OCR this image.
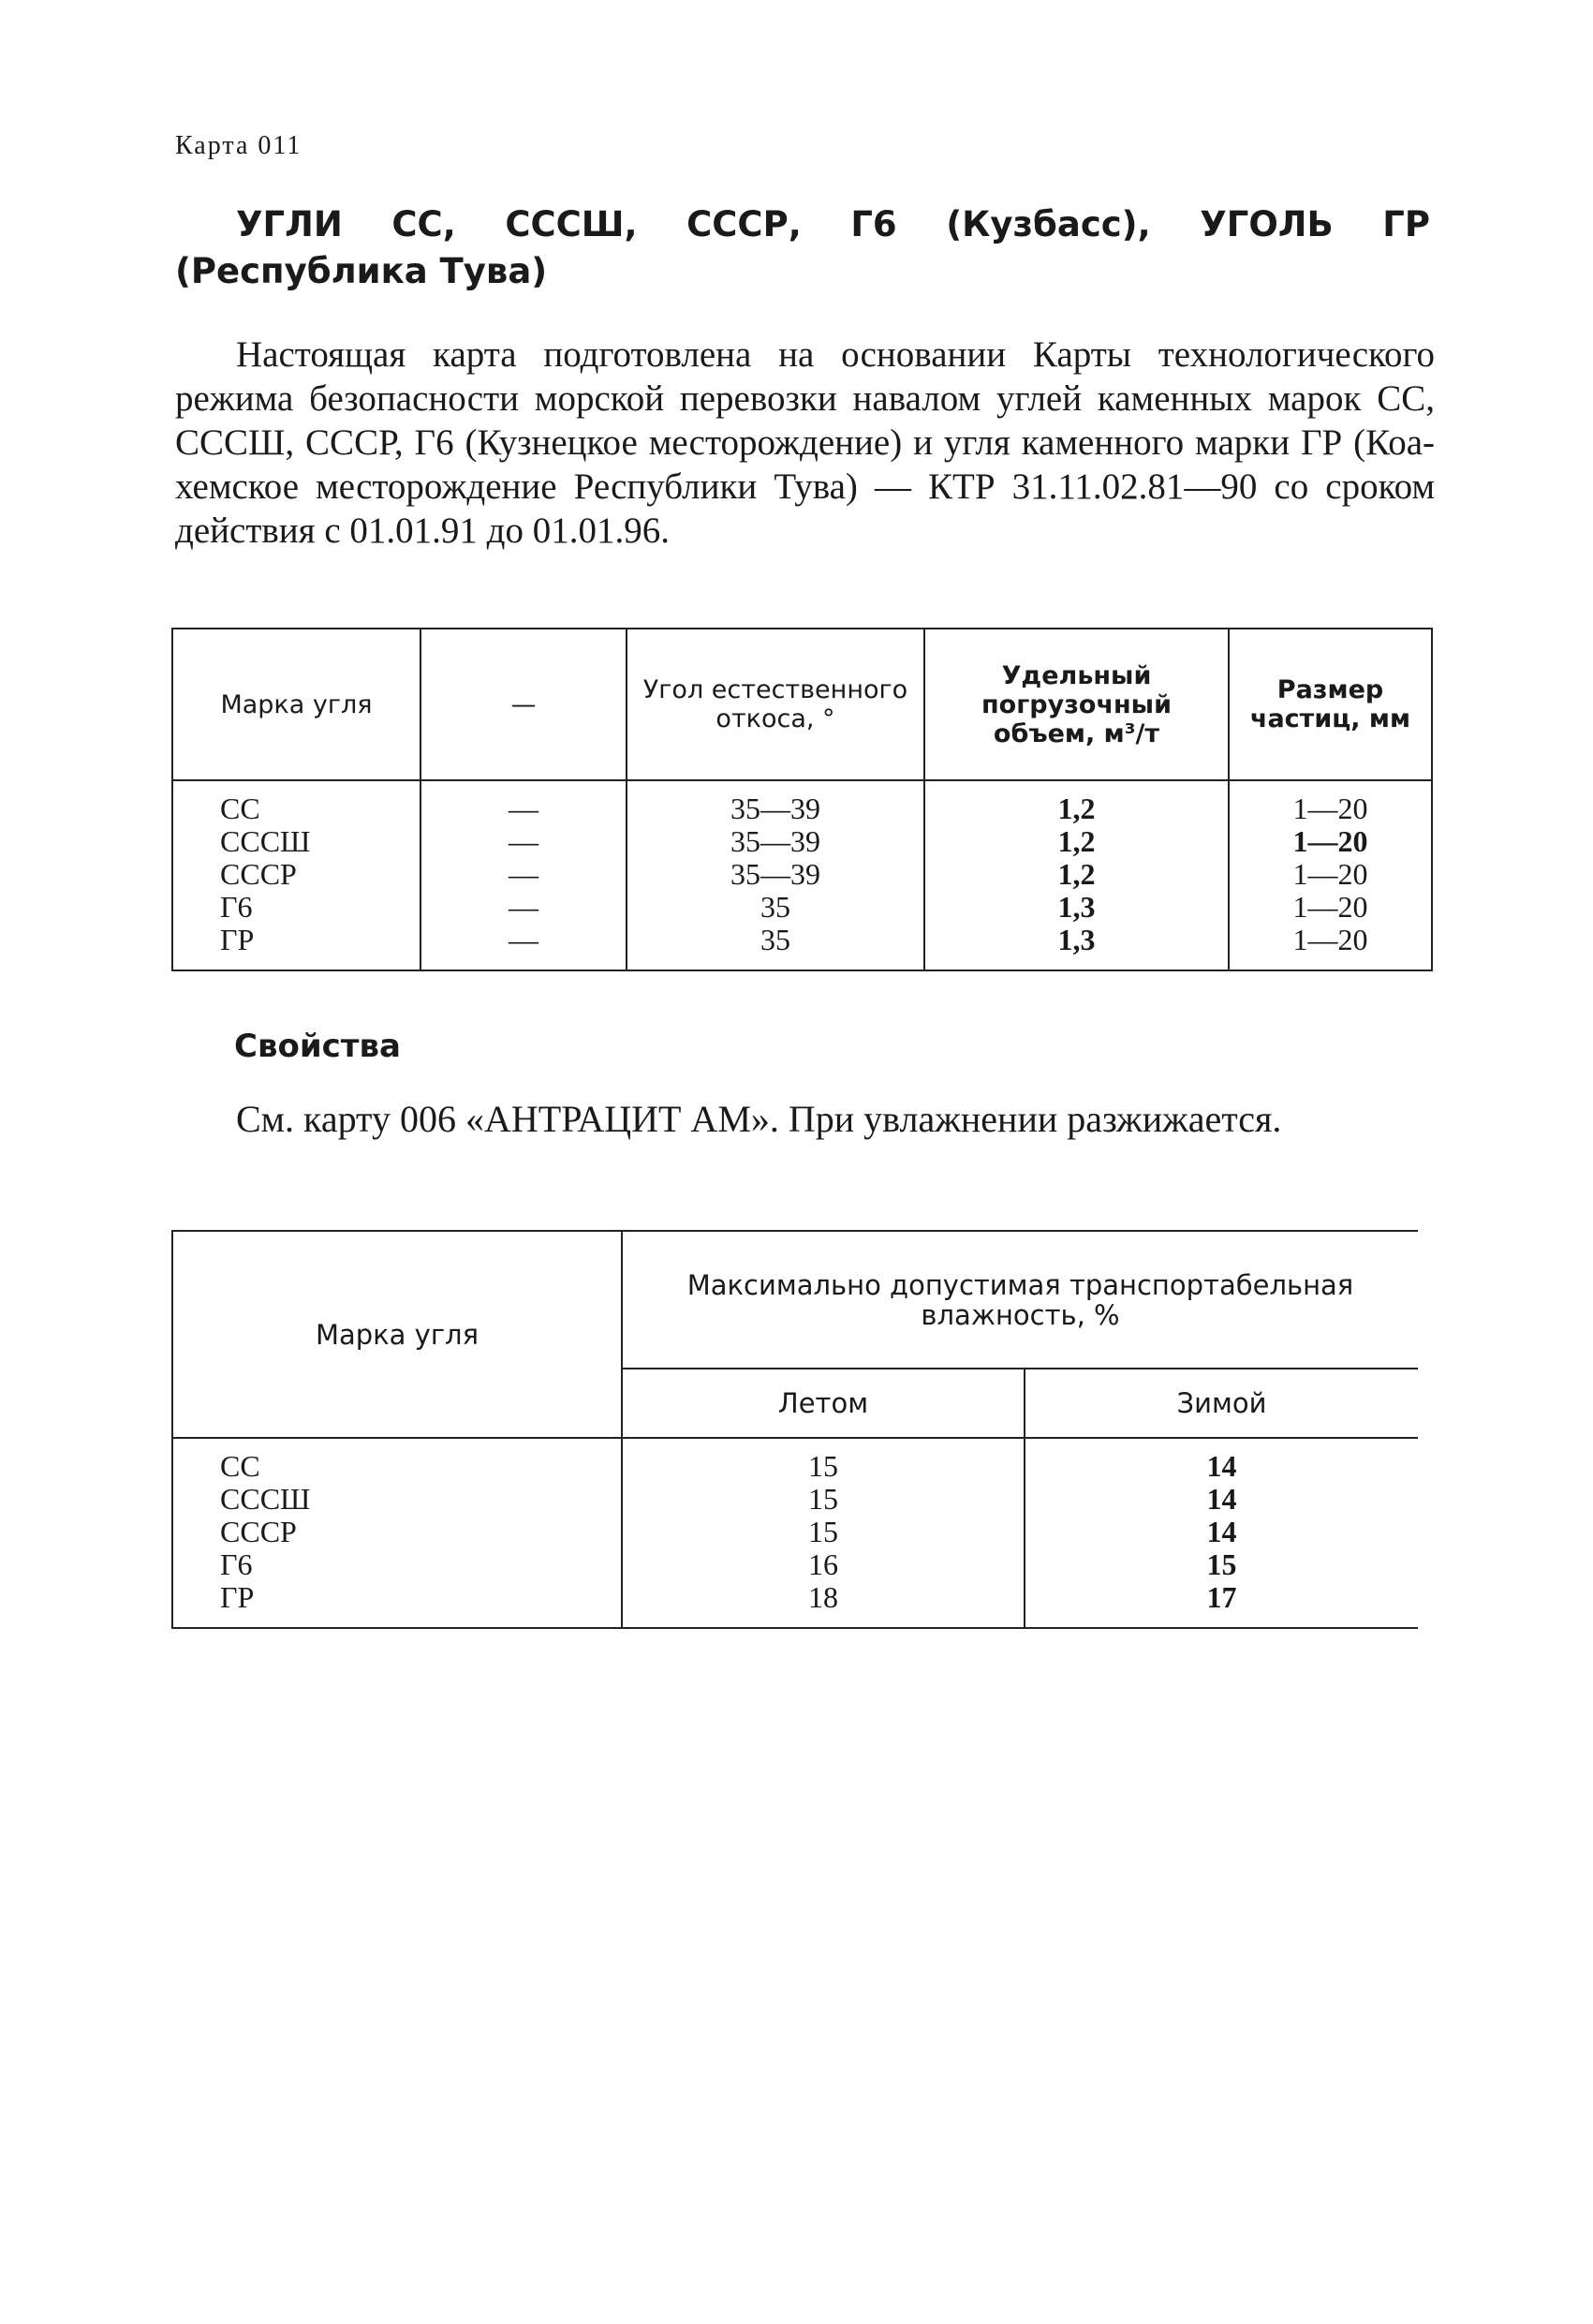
Карта 011
УГЛИ СС, СССШ, СССР, Г6 (Кузбасс), УГОЛЬ ГР (Республика Тува)
Настоящая карта подготовлена на основании Карты технологического режима безопасности морской перевозки навалом углей каменных марок СС, СССШ, СССР, Г6 (Кузнецкое месторождение) и угля каменного марки ГР (Коа-хемское месторождение Республики Тува) — КТР 31.11.02.81—90 со сроком действия с 01.01.91 до 01.01.96.
Марка угля	—	Угол естественного откоса, °	Удельный погрузочный объем, м³/т	Размер частиц, мм
СС	—	35—39	1,2	1—20
СССШ	—	35—39	1,2	1—20
СССР	—	35—39	1,2	1—20
Г6	—	35	1,3	1—20
ГР	—	35	1,3	1—20
Свойства
См. карту 006 «АНТРАЦИТ АМ». При увлажнении разжижается.
Марка угля	Максимально допустимая транспортабельная влажность, %	
	Летом	Зимой
СС	15	14
СССШ	15	14
СССР	15	14
Г6	16	15
ГР	18	17
